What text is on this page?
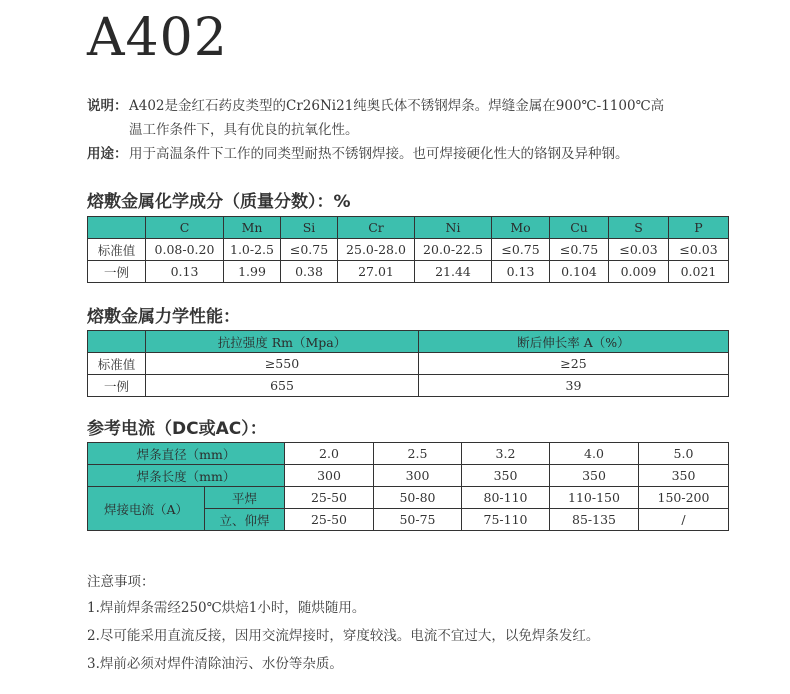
A402
说明： A402是金红石药皮类型的Cr26Ni21纯奥氏体不锈钢焊条。焊缝金属在900℃-1100℃高
温工作条件下，具有优良的抗氧化性。
用途： 用于高温条件下工作的同类型耐热不锈钢焊接。也可焊接硬化性大的铬钢及异种钢。
熔敷金属化学成分（质量分数）：%
	C	Mn	Si	Cr	Ni	Mo	Cu	S	P
标准值	0.08-0.20	1.0-2.5	≤0.75	25.0-28.0	20.0-22.5	≤0.75	≤0.75	≤0.03	≤0.03
一例	0.13	1.99	0.38	27.01	21.44	0.13	0.104	0.009	0.021
熔敷金属力学性能：
	抗拉强度 Rm（Mpa）	断后伸长率 A（%）
标准值	≥550	≥25
一例	655	39
参考电流（DC或AC）：
焊条直径（mm）		2.0	2.5	3.2	4.0	5.0
焊条长度（mm）		300	300	350	350	350
焊接电流（A）	平焊	25-50	50-80	80-110	110-150	150-200
	立、仰焊	25-50	50-75	75-110	85-135	/
注意事项：
1.焊前焊条需经250℃烘焙1小时，随烘随用。
2.尽可能采用直流反接，因用交流焊接时，穿度较浅。电流不宜过大，以免焊条发红。
3.焊前必须对焊件清除油污、水份等杂质。
